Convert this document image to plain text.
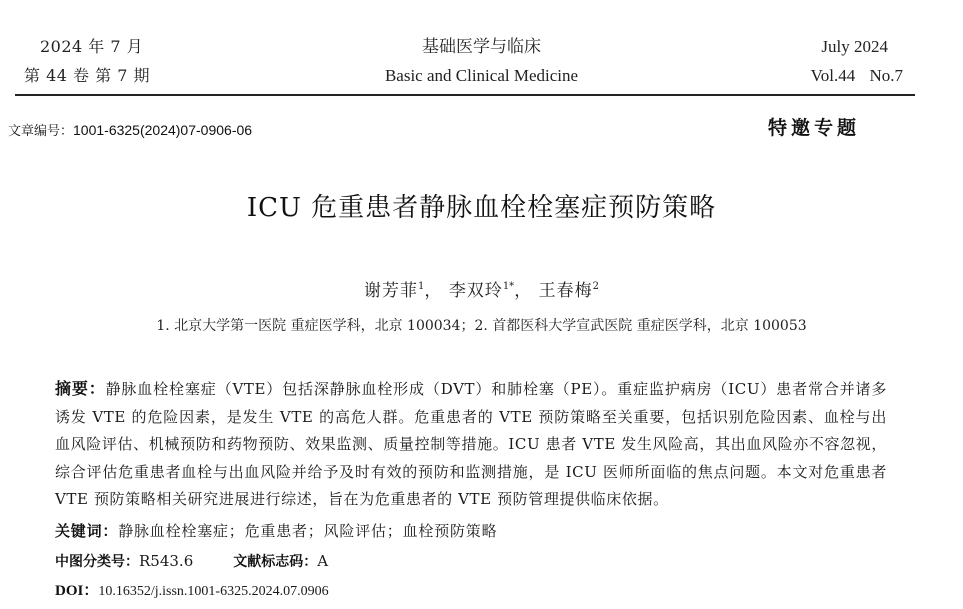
2024 年 7 月
第 44 卷 第 7 期
基础医学与临床
Basic and Clinical Medicine
July 2024
Vol.44 No.7
文章编号：1001-6325(2024)07-0906-06	特邀专题
ICU 危重患者静脉血栓栓塞症预防策略
谢芳菲$^1$， 李双玲$^{1*}$， 王春梅$^2$
1. 北京大学第一医院 重症医学科，北京 100034；2. 首都医科大学宣武医院 重症医学科，北京 100053
摘要：静脉血栓栓塞症（VTE）包括深静脉血栓形成（DVT）和肺栓塞（PE）。重症监护病房（ICU）患者常合并诸多诱发 VTE 的危险因素，是发生 VTE 的高危人群。危重患者的 VTE 预防策略至关重要，包括识别危险因素、血栓与出血风险评估、机械预防和药物预防、效果监测、质量控制等措施。ICU 患者 VTE 发生风险高，其出血风险亦不容忽视，综合评估危重患者血栓与出血风险并给予及时有效的预防和监测措施，是 ICU 医师所面临的焦点问题。本文对危重患者 VTE 预防策略相关研究进展进行综述，旨在为危重患者的 VTE 预防管理提供临床依据。
关键词：静脉血栓栓塞症；危重患者；风险评估；血栓预防策略
中图分类号：R543.6	文献标志码：A
DOI：10.16352/j.issn.1001-6325.2024.07.0906
